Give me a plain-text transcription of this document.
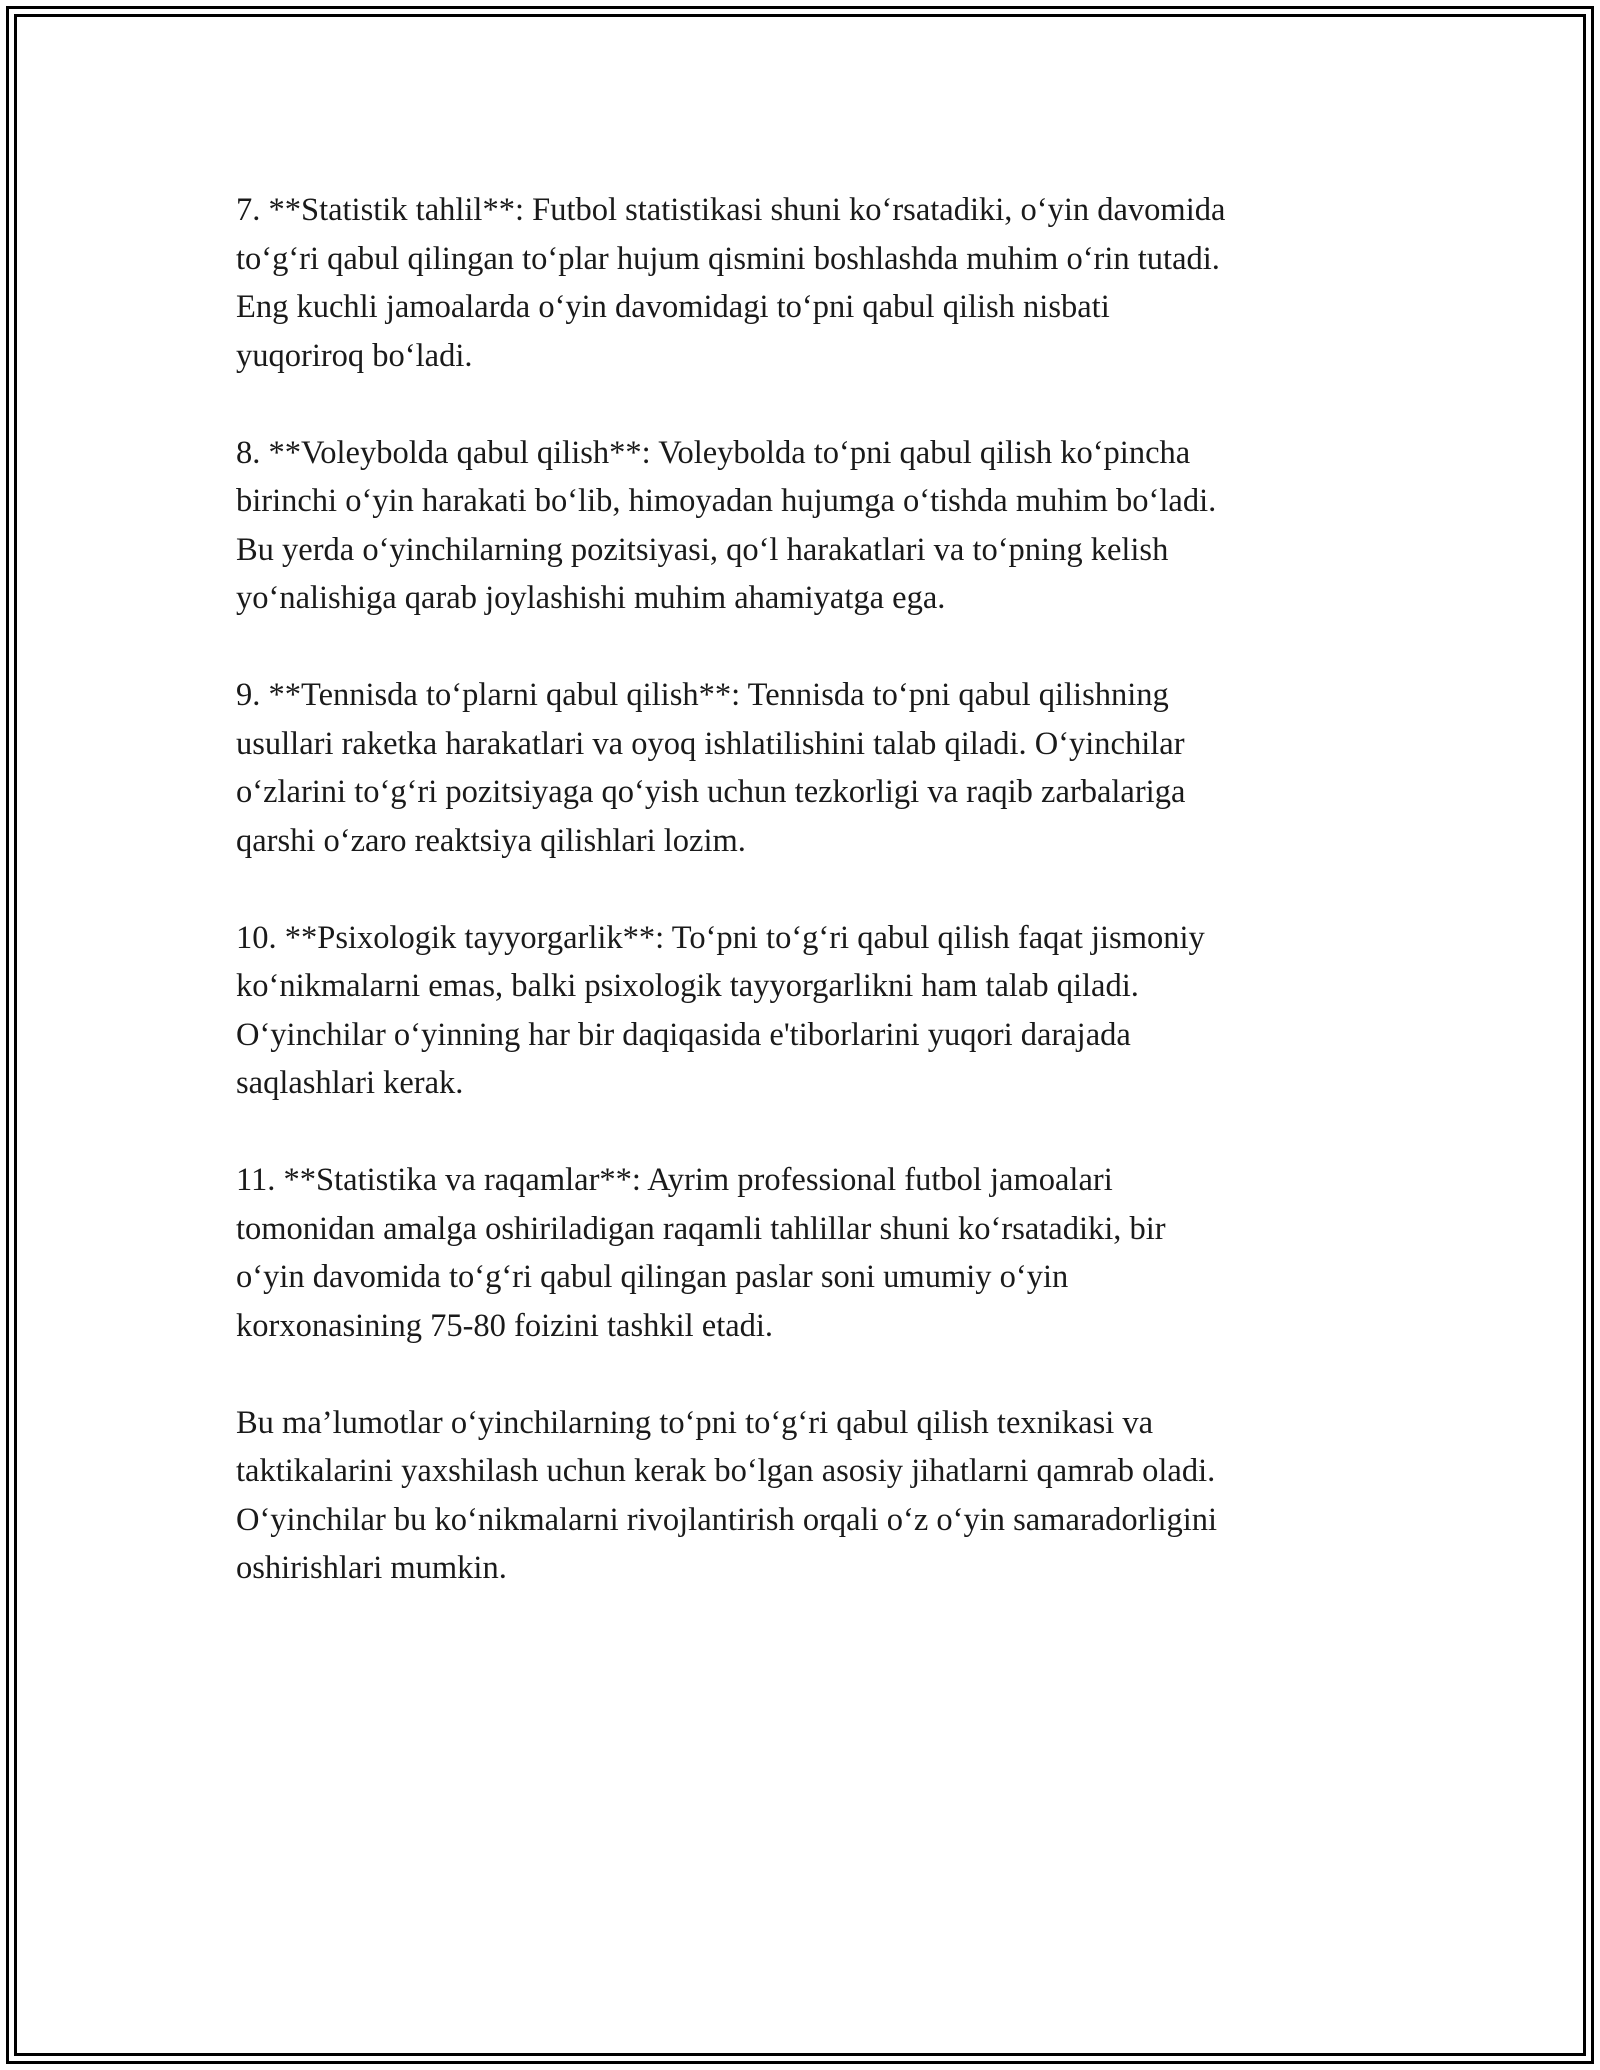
7. **Statistik tahlil**: Futbol statistikasi shuni ko‘rsatadiki, o‘yin davomida
to‘g‘ri qabul qilingan to‘plar hujum qismini boshlashda muhim o‘rin tutadi.
Eng kuchli jamoalarda o‘yin davomidagi to‘pni qabul qilish nisbati
yuqoriroq bo‘ladi.

8. **Voleybolda qabul qilish**: Voleybolda to‘pni qabul qilish ko‘pincha
birinchi o‘yin harakati bo‘lib, himoyadan hujumga o‘tishda muhim bo‘ladi.
Bu yerda o‘yinchilarning pozitsiyasi, qo‘l harakatlari va to‘pning kelish
yo‘nalishiga qarab joylashishi muhim ahamiyatga ega.

9. **Tennisda to‘plarni qabul qilish**: Tennisda to‘pni qabul qilishning
usullari raketka harakatlari va oyoq ishlatilishini talab qiladi. O‘yinchilar
o‘zlarini to‘g‘ri pozitsiyaga qo‘yish uchun tezkorligi va raqib zarbalariga
qarshi o‘zaro reaktsiya qilishlari lozim.

10. **Psixologik tayyorgarlik**: To‘pni to‘g‘ri qabul qilish faqat jismoniy
ko‘nikmalarni emas, balki psixologik tayyorgarlikni ham talab qiladi.
O‘yinchilar o‘yinning har bir daqiqasida e'tiborlarini yuqori darajada
saqlashlari kerak.

11. **Statistika va raqamlar**: Ayrim professional futbol jamoalari
tomonidan amalga oshiriladigan raqamli tahlillar shuni ko‘rsatadiki, bir
o‘yin davomida to‘g‘ri qabul qilingan paslar soni umumiy o‘yin
korxonasining 75-80 foizini tashkil etadi.

Bu ma’lumotlar o‘yinchilarning to‘pni to‘g‘ri qabul qilish texnikasi va
taktikalarini yaxshilash uchun kerak bo‘lgan asosiy jihatlarni qamrab oladi.
O‘yinchilar bu ko‘nikmalarni rivojlantirish orqali o‘z o‘yin samaradorligini
oshirishlari mumkin.
